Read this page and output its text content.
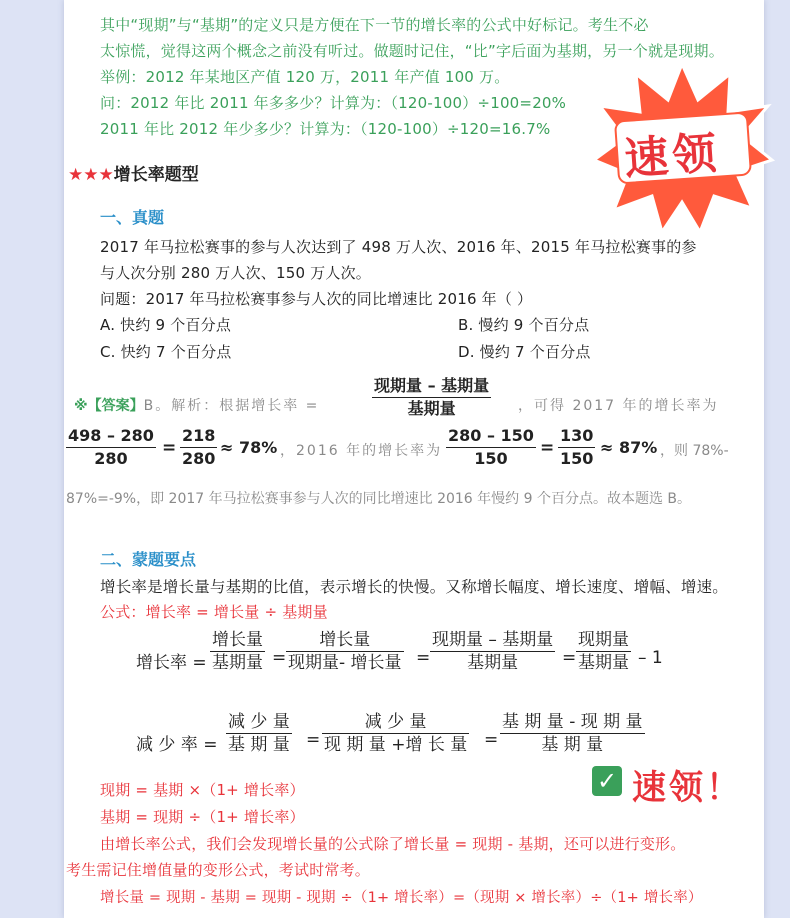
其中“现期”与“基期”的定义只是方便在下一节的增长率的公式中好标记。考生不必
太惊慌，觉得这两个概念之前没有听过。做题时记住，“比”字后面为基期，另一个就是现期。
举例：2012 年某地区产值 120 万，2011 年产值 100 万。
问：2012 年比 2011 年多多少？计算为：（120-100）÷100=20%
2011 年比 2012 年少多少？计算为：（120-100）÷120=16.7% 速领
★★★增长率题型
一、真题
2017 年马拉松赛事的参与人次达到了 498 万人次、2016 年、2015 年马拉松赛事的参
与人次分别 280 万人次、150 万人次。
问题：2017 年马拉松赛事参与人次的同比增速比 2016 年（ ）
A. 快约 9 个百分点	B. 慢约 9 个百分点
C. 快约 7 个百分点	D. 慢约 7 个百分点
※【答案】B。解析：根据增长率 =
现期量 – 基期量
基期量	，可得 2017 年的增长率为
498 – 280
280
=
218
280
≈ 78% ，2016 年的增长率为
280 – 150
150
=
130
150
≈ 87% ，则 78%-
87%=-9%，即 2017 年马拉松赛事参与人次的同比增速比 2016 年慢约 9 个百分点。故本题选 B。
二、蒙题要点
增长率是增长量与基期的比值，表示增长的快慢。又称增长幅度、增长速度、增幅、增速。
公式：增长率 = 增长量 ÷ 基期量
增长率 =
增长量
基期量 =
增长量
现期量- 增长量 =
现期量 – 基期量
基期量	=
现期量
基期量 – 1
减 少 率 =
减 少 量
基 期 量 =
减 少 量
现 期 量 +增 长 量 =
基 期 量 - 现 期 量
基 期 量
✓ 速领！
现期 = 基期 ×（1+ 增长率）
基期 = 现期 ÷（1+ 增长率）
由增长率公式，我们会发现增长量的公式除了增长量 = 现期 - 基期，还可以进行变形。
考生需记住增值量的变形公式，考试时常考。
增长量 = 现期 - 基期 = 现期 - 现期 ÷（1+ 增长率）=（现期 × 增长率）÷（1+ 增长率）
